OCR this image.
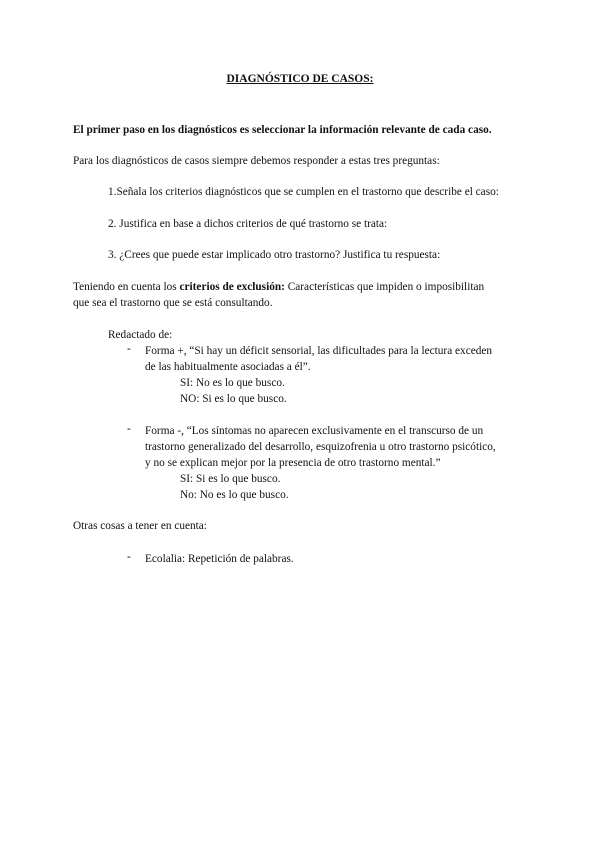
DIAGNÓSTICO DE CASOS:
El primer paso en los diagnósticos es seleccionar la información relevante de cada caso.
Para los diagnósticos de casos siempre debemos responder a estas tres preguntas:
1.Señala los criterios diagnósticos que se cumplen en el trastorno que describe el caso:
2. Justifica en base a dichos criterios de qué trastorno se trata:
3. ¿Crees que puede estar implicado otro trastorno? Justifica tu respuesta:
Teniendo en cuenta los criterios de exclusión: Características que impiden o imposibilitan
que sea el trastorno que se está consultando.
Redactado de:
- Forma +, “Si hay un déficit sensorial, las dificultades para la lectura exceden
de las habitualmente asociadas a él”.
SI: No es lo que busco.
NO: Si es lo que busco.
- Forma -, “Los síntomas no aparecen exclusivamente en el transcurso de un
trastorno generalizado del desarrollo, esquizofrenia u otro trastorno psicótico,
y no se explican mejor por la presencia de otro trastorno mental.”
SI: Si es lo que busco.
No: No es lo que busco.
Otras cosas a tener en cuenta:
- Ecolalia: Repetición de palabras.
